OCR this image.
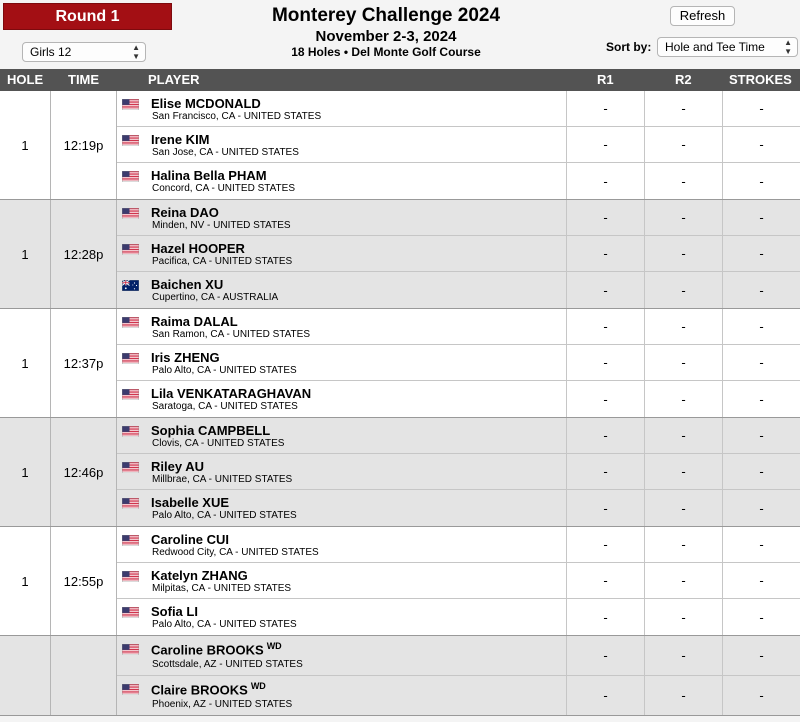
Round 1	Monterey Challenge 2024
November 2-3, 2024
18 Holes • Del Monte Golf Course
Refresh
Girls 12	▲
▼
Sort by:	Hole and Tee Time ▲
▼
HOLE TIME	PLAYER	R1	R2	STROKES
1	12:19p
Elise MCDONALD
San Francisco, CA - UNITED STATES
-	-	-
Irene KIM
San Jose, CA - UNITED STATES
-	-	-
Halina Bella PHAM
Concord, CA - UNITED STATES	-	-	-
1	12:28p
Reina DAO
Minden, NV - UNITED STATES
-	-	-
Hazel HOOPER
Pacifica, CA - UNITED STATES
-	-	-
Baichen XU
Cupertino, CA - AUSTRALIA	-	-	-
1	12:37p
Raima DALAL
San Ramon, CA - UNITED STATES
-	-	-
Iris ZHENG
Palo Alto, CA - UNITED STATES
-	-	-
Lila VENKATARAGHAVAN
Saratoga, CA - UNITED STATES	-	-	-
1	12:46p
Sophia CAMPBELL
Clovis, CA - UNITED STATES
-	-	-
Riley AU
Millbrae, CA - UNITED STATES
-	-	-
Isabelle XUE
Palo Alto, CA - UNITED STATES	-	-	-
1	12:55p
Caroline CUI
Redwood City, CA - UNITED STATES
-	-	-
Katelyn ZHANG
Milpitas, CA - UNITED STATES
-	-	-
Sofia LI
Palo Alto, CA - UNITED STATES	-	-	-
Caroline BROOKS $^{WD}$
Scottsdale, AZ - UNITED STATES
-	-	-
Claire BROOKS $^{WD}$
Phoenix, AZ - UNITED STATES
-	-	-
